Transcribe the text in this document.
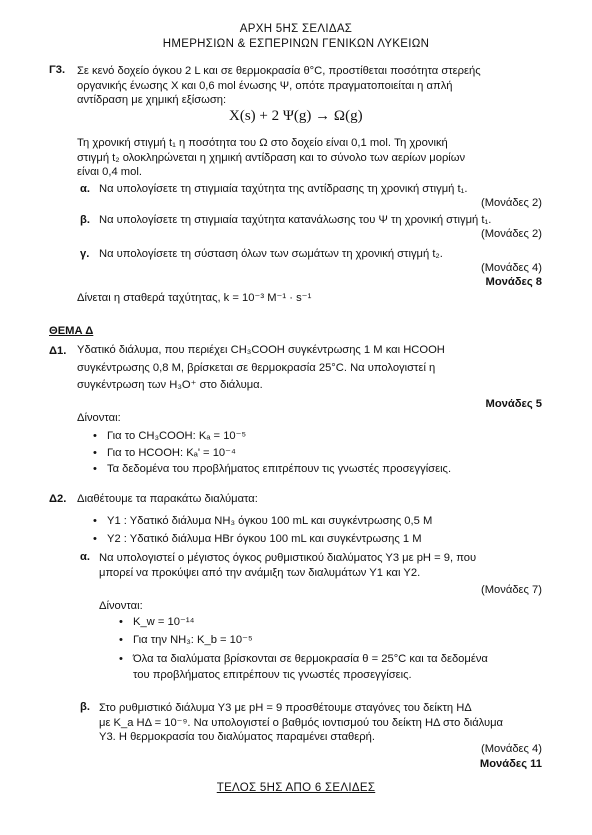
ΑΡΧΗ 5ΗΣ ΣΕΛΙΔΑΣ
ΗΜΕΡΗΣΙΩΝ & ΕΣΠΕΡΙΝΩΝ ΓΕΝΙΚΩΝ ΛΥΚΕΙΩΝ
Γ3. Σε κενό δοχείο όγκου 2 L και σε θερμοκρασία θ°C, προστίθεται ποσότητα στερεής
οργανικής ένωσης Χ και 0,6 mol ένωσης Ψ, οπότε πραγματοποιείται η απλή
αντίδραση με χημική εξίσωση:
X(s) + 2 Ψ(g) → Ω(g)
Τη χρονική στιγμή t₁ η ποσότητα του Ω στο δοχείο είναι 0,1 mol. Τη χρονική
στιγμή t₂ ολοκληρώνεται η χημική αντίδραση και το σύνολο των αερίων μορίων
είναι 0,4 mol.
α. Να υπολογίσετε τη στιγμιαία ταχύτητα της αντίδρασης τη χρονική στιγμή t₁.
(Μονάδες 2)
β. Να υπολογίσετε τη στιγμιαία ταχύτητα κατανάλωσης του Ψ τη χρονική στιγμή t₁.
(Μονάδες 2)
γ. Να υπολογίσετε τη σύσταση όλων των σωμάτων τη χρονική στιγμή t₂.
(Μονάδες 4)
Μονάδες 8
Δίνεται η σταθερά ταχύτητας, k = 10⁻³ M⁻¹ · s⁻¹
ΘΕΜΑ Δ
Δ1. Υδατικό διάλυμα, που περιέχει CH₃COOH συγκέντρωσης 1 M και HCOOH
συγκέντρωσης 0,8 M, βρίσκεται σε θερμοκρασία 25°C. Να υπολογιστεί η
συγκέντρωση των H₃O⁺ στο διάλυμα.
Μονάδες 5
Δίνονται:
• Για το CH₃COOH: Kₐ = 10⁻⁵
• Για το HCOOH: Kₐ' = 10⁻⁴
• Τα δεδομένα του προβλήματος επιτρέπουν τις γνωστές προσεγγίσεις.
Δ2. Διαθέτουμε τα παρακάτω διαλύματα:
• Υ1 : Υδατικό διάλυμα NH₃ όγκου 100 mL και συγκέντρωσης 0,5 M
• Υ2 : Υδατικό διάλυμα HBr όγκου 100 mL και συγκέντρωσης 1 M
α. Να υπολογιστεί ο μέγιστος όγκος ρυθμιστικού διαλύματος Υ3 με pH = 9, που
μπορεί να προκύψει από την ανάμιξη των διαλυμάτων Υ1 και Υ2.
(Μονάδες 7)
Δίνονται:
• K_w = 10⁻¹⁴
• Για την NH₃: K_b = 10⁻⁵
• Όλα τα διαλύματα βρίσκονται σε θερμοκρασία θ = 25°C και τα δεδομένα
του προβλήματος επιτρέπουν τις γνωστές προσεγγίσεις.
β. Στο ρυθμιστικό διάλυμα Υ3 με pH = 9 προσθέτουμε σταγόνες του δείκτη ΗΔ
με K_a HΔ = 10⁻⁹. Να υπολογιστεί ο βαθμός ιοντισμού του δείκτη ΗΔ στο διάλυμα
Υ3. Η θερμοκρασία του διαλύματος παραμένει σταθερή.
(Μονάδες 4)
Μονάδες 11
ΤΕΛΟΣ 5ΗΣ ΑΠΟ 6 ΣΕΛΙΔΕΣ
